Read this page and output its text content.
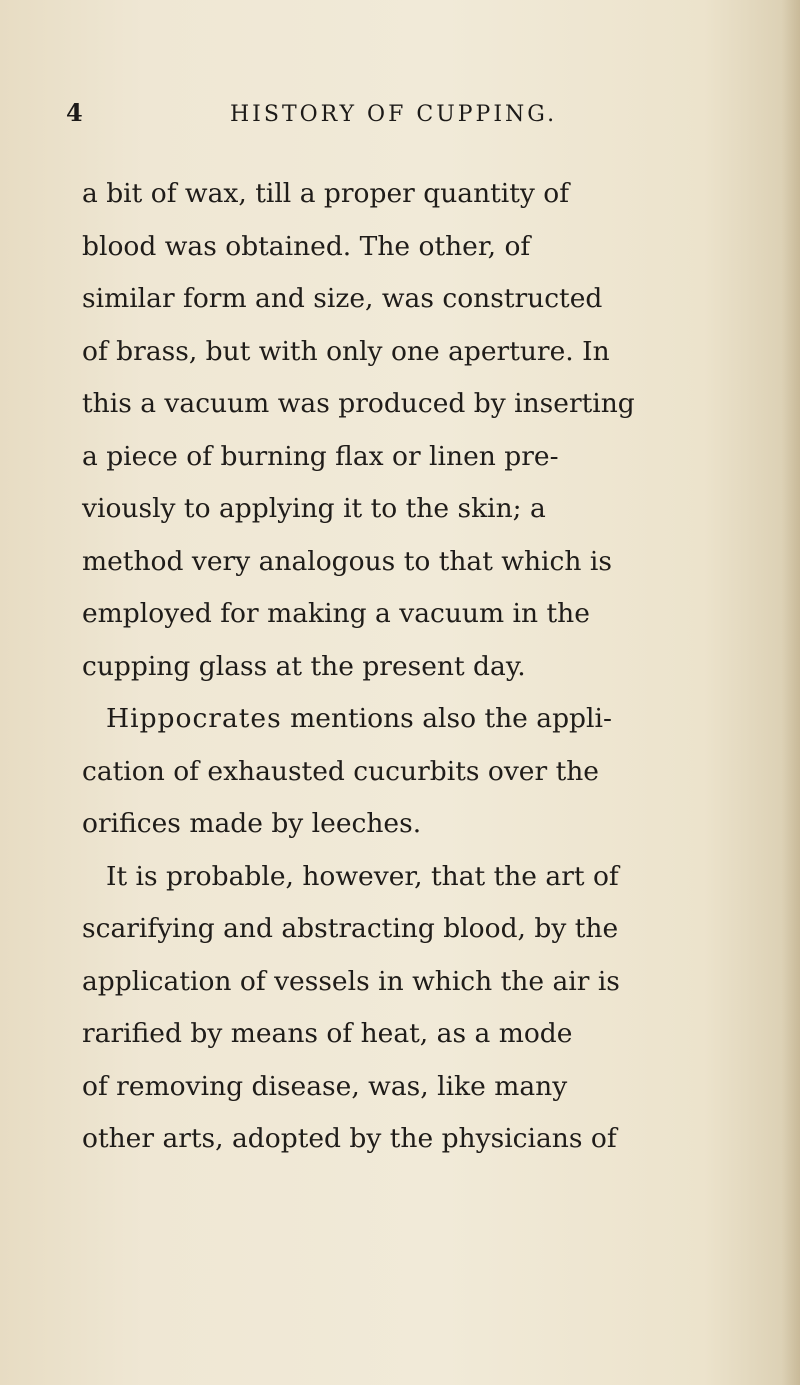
4	HISTORY OF CUPPING.
a bit of wax, till a proper quantity of
blood was obtained. The other, of
similar form and size, was constructed
of brass, but with only one aperture. In
this a vacuum was produced by inserting
a piece of burning flax or linen pre-
viously to applying it to the skin; a
method very analogous to that which is
employed for making a vacuum in the
cupping glass at the present day.
Hippocrates mentions also the appli-
cation of exhausted cucurbits over the
orifices made by leeches.
It is probable, however, that the art of
scarifying and abstracting blood, by the
application of vessels in which the air is
rarified by means of heat, as a mode
of removing disease, was, like many
other arts, adopted by the physicians of
